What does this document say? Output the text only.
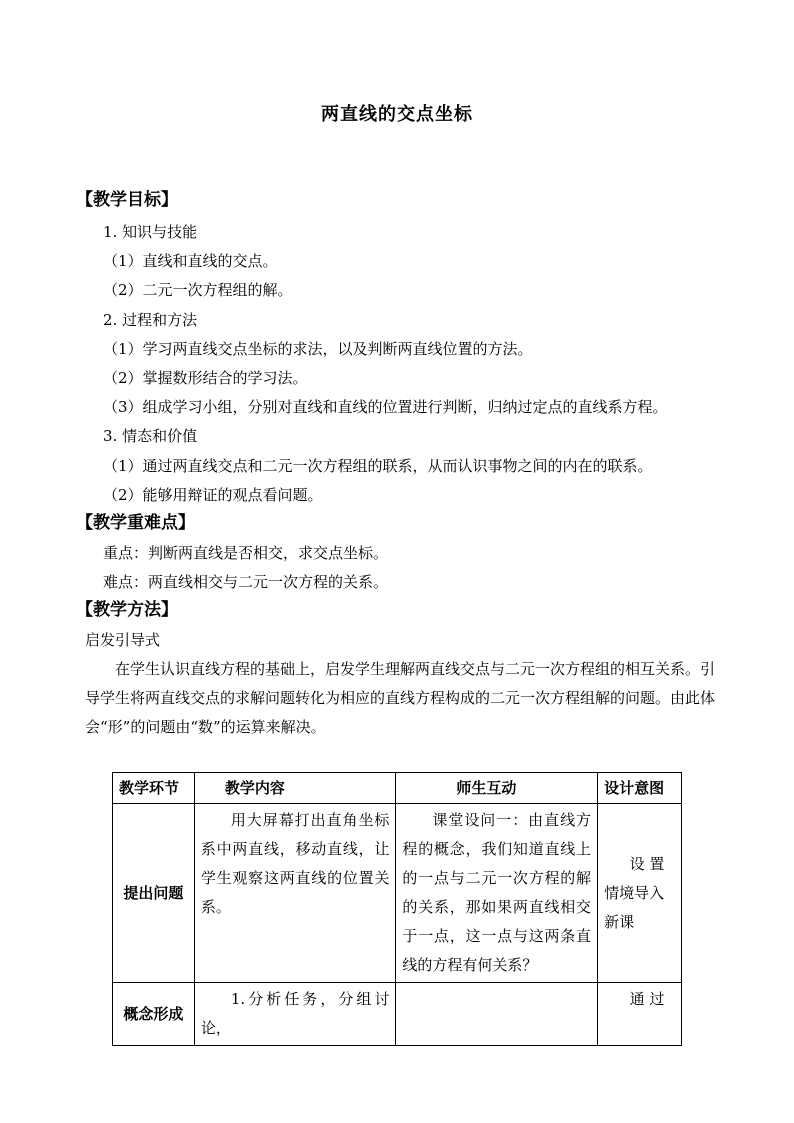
两直线的交点坐标
【教学目标】
1. 知识与技能
（1）直线和直线的交点。
（2）二元一次方程组的解。
2. 过程和方法
（1）学习两直线交点坐标的求法，以及判断两直线位置的方法。
（2）掌握数形结合的学习法。
（3）组成学习小组，分别对直线和直线的位置进行判断，归纳过定点的直线系方程。
3. 情态和价值
（1）通过两直线交点和二元一次方程组的联系，从而认识事物之间的内在的联系。
（2）能够用辩证的观点看问题。
【教学重难点】
重点：判断两直线是否相交，求交点坐标。
难点：两直线相交与二元一次方程的关系。
【教学方法】
启发引导式
在学生认识直线方程的基础上，启发学生理解两直线交点与二元一次方程组的相互关系。引导学生将两直线交点的求解问题转化为相应的直线方程构成的二元一次方程组解的问题。由此体会“形”的问题由“数”的运算来解决。
教学环节	教学内容	师生互动	设计意图
提出问题	用大屏幕打出直角坐标系中两直线，移动直线，让学生观察这两直线的位置关系。	课堂设问一：由直线方程的概念，我们知道直线上的一点与二元一次方程的解的关系，那如果两直线相交于一点，这一点与这两条直线的方程有何关系？	设 置 情境导入新课

概念形成	1.分析任务，分组讨论，		通 过
